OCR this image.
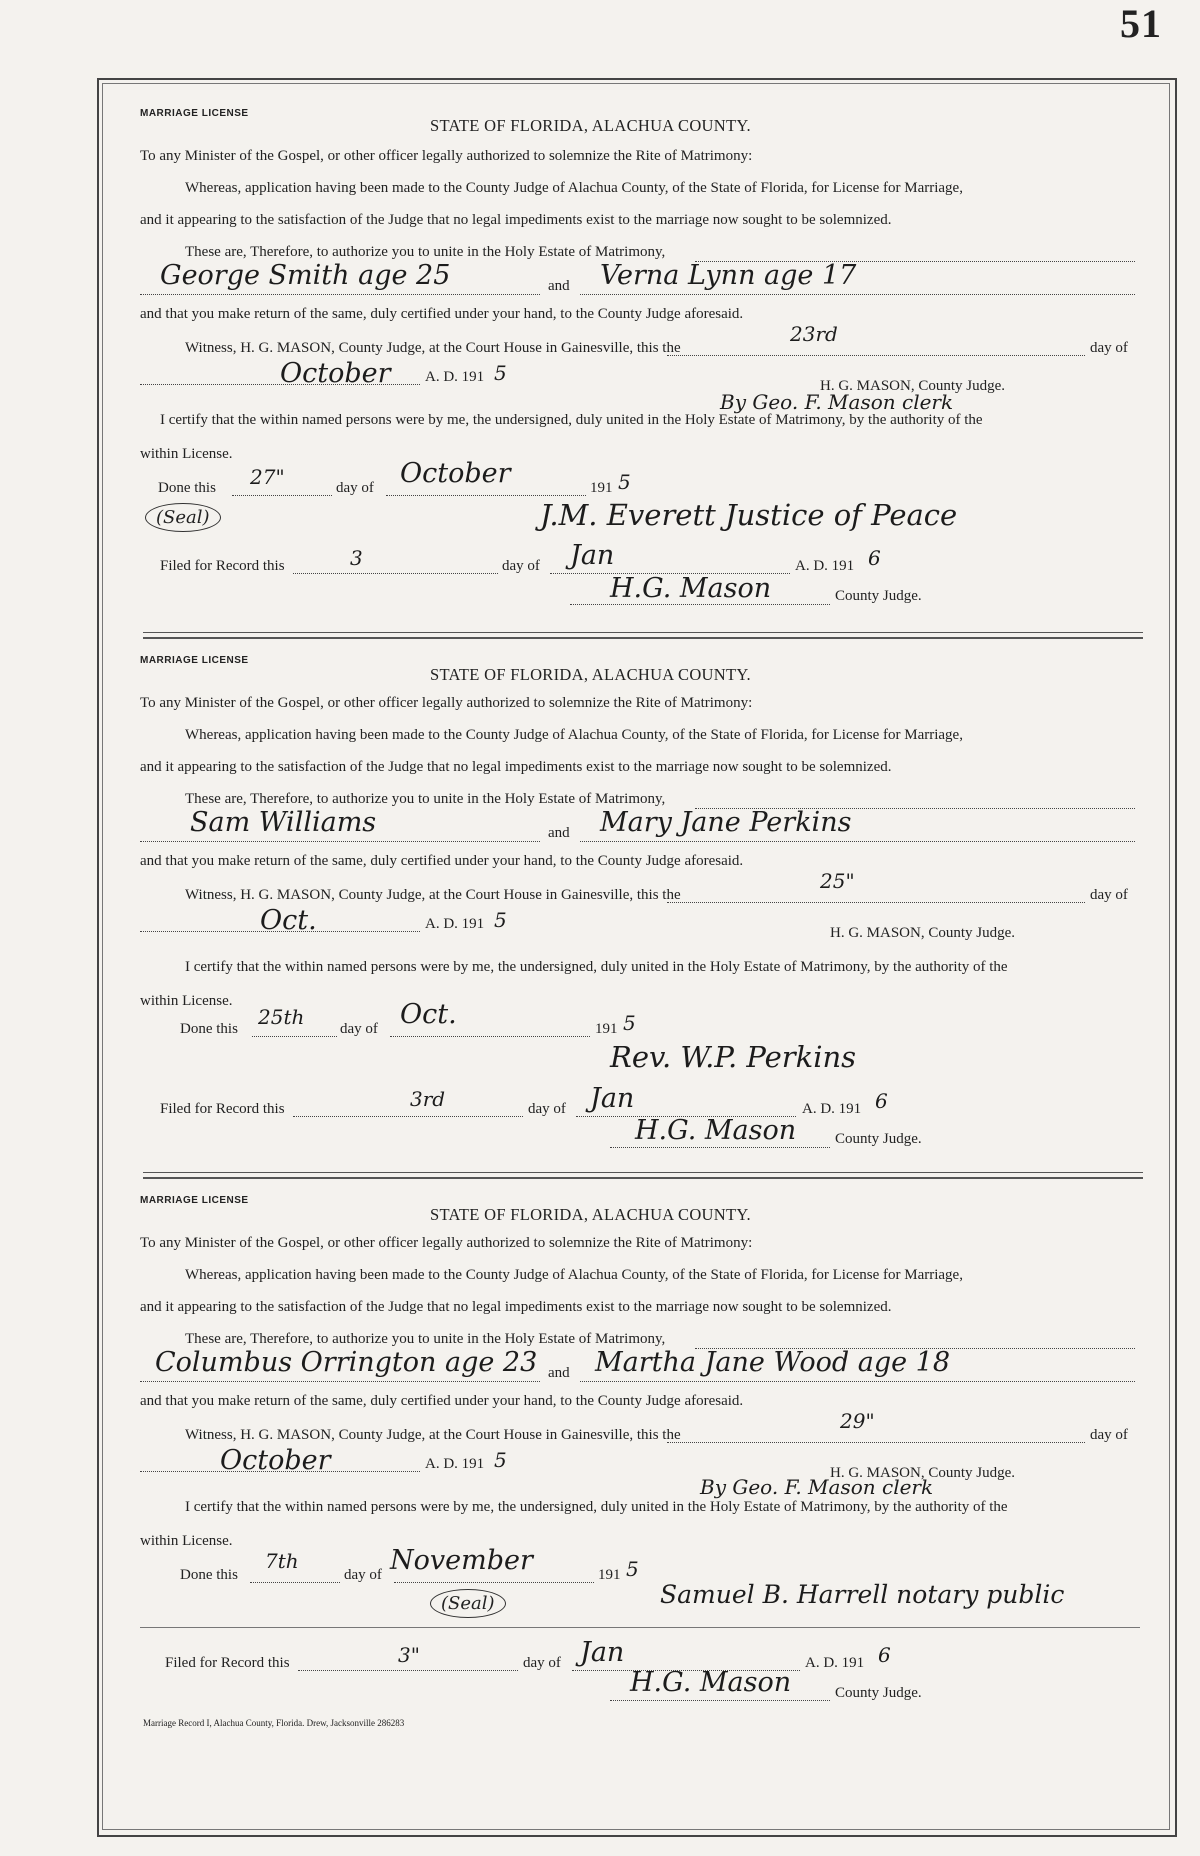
51
MARRIAGE LICENSE
STATE OF FLORIDA, ALACHUA COUNTY.
To any Minister of the Gospel, or other officer legally authorized to solemnize the Rite of Matrimony:
Whereas, application having been made to the County Judge of Alachua County, of the State of Florida, for License for Marriage,
and it appearing to the satisfaction of the Judge that no legal impediments exist to the marriage now sought to be solemnized.
These are, Therefore, to authorize you to unite in the Holy Estate of Matrimony,
George Smith age 25	and Verna Lynn age 17
and that you make return of the same, duly certified under your hand, to the County Judge aforesaid.
Witness, H. G. MASON, County Judge, at the Court House in Gainesville, this the
23rd
day of
October A. D. 191 5
H. G. MASON, County Judge.
By Geo. F. Mason clerk
I certify that the within named persons were by me, the undersigned, duly united in the Holy Estate of Matrimony, by the authority of the
within License.
Done this 27"	day of October	191 5
(Seal)	J.M. Everett Justice of Peace
Filed for Record this	3	day of Jan	A. D. 191 6
H.G. Mason	County Judge.
MARRIAGE LICENSE
STATE OF FLORIDA, ALACHUA COUNTY.
To any Minister of the Gospel, or other officer legally authorized to solemnize the Rite of Matrimony:
Whereas, application having been made to the County Judge of Alachua County, of the State of Florida, for License for Marriage,
and it appearing to the satisfaction of the Judge that no legal impediments exist to the marriage now sought to be solemnized.
These are, Therefore, to authorize you to unite in the Holy Estate of Matrimony,
Sam Williams	and Mary Jane Perkins
and that you make return of the same, duly certified under your hand, to the County Judge aforesaid.
Witness, H. G. MASON, County Judge, at the Court House in Gainesville, this the
25"
day of
Oct.	A. D. 191 5
H. G. MASON, County Judge.
I certify that the within named persons were by me, the undersigned, duly united in the Holy Estate of Matrimony, by the authority of the
within License.
Done this 25th day of Oct.	191 5
Rev. W.P. Perkins
Filed for Record this	3rd	day of Jan	A. D. 191 6
H.G. Mason	County Judge.
MARRIAGE LICENSE
STATE OF FLORIDA, ALACHUA COUNTY.
To any Minister of the Gospel, or other officer legally authorized to solemnize the Rite of Matrimony:
Whereas, application having been made to the County Judge of Alachua County, of the State of Florida, for License for Marriage,
and it appearing to the satisfaction of the Judge that no legal impediments exist to the marriage now sought to be solemnized.
These are, Therefore, to authorize you to unite in the Holy Estate of Matrimony,
Columbus Orrington age 23 and Martha Jane Wood age 18
and that you make return of the same, duly certified under your hand, to the County Judge aforesaid.
Witness, H. G. MASON, County Judge, at the Court House in Gainesville, this the
29"
day of
October	A. D. 191 5
H. G. MASON, County Judge.
By Geo. F. Mason clerk
I certify that the within named persons were by me, the undersigned, duly united in the Holy Estate of Matrimony, by the authority of the
within License.
Done this
7th
day of November	191 5
(Seal)	Samuel B. Harrell notary public
Filed for Record this	3"	day of Jan	A. D. 191 6
H.G. Mason	County Judge.
Marriage Record I, Alachua County, Florida. Drew, Jacksonville 286283
